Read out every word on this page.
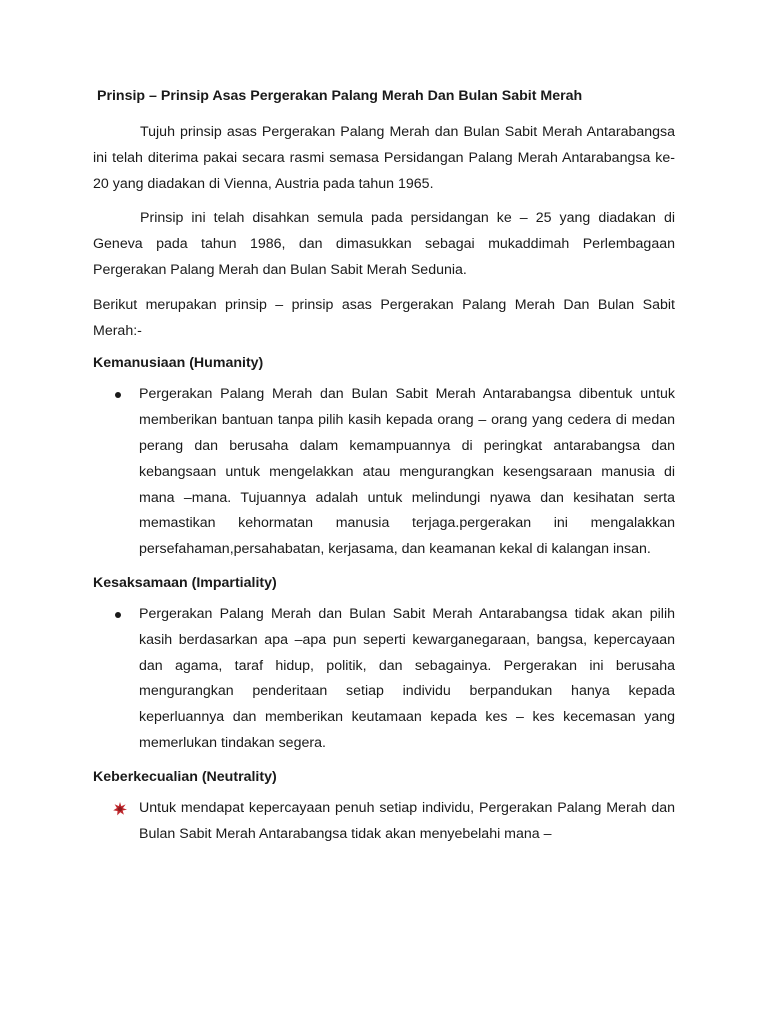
Prinsip – Prinsip Asas Pergerakan Palang Merah Dan Bulan Sabit Merah

Tujuh prinsip asas Pergerakan Palang Merah dan Bulan Sabit Merah Antarabangsa ini telah diterima pakai secara rasmi semasa Persidangan Palang Merah Antarabangsa ke- 20 yang diadakan di Vienna, Austria pada tahun 1965.

Prinsip ini telah disahkan semula pada persidangan ke – 25 yang diadakan di Geneva pada tahun 1986, dan dimasukkan sebagai mukaddimah Perlembagaan Pergerakan Palang Merah dan Bulan Sabit Merah Sedunia.

Berikut merupakan prinsip – prinsip asas Pergerakan Palang Merah Dan Bulan Sabit Merah:-

Kemanusiaan (Humanity)

Pergerakan Palang Merah dan Bulan Sabit Merah Antarabangsa dibentuk untuk memberikan bantuan tanpa pilih kasih kepada orang – orang yang cedera di medan perang dan berusaha dalam kemampuannya di peringkat antarabangsa dan kebangsaan untuk mengelakkan atau mengurangkan kesengsaraan manusia di mana –mana. Tujuannya adalah untuk melindungi nyawa dan kesihatan serta memastikan kehormatan manusia terjaga.pergerakan ini mengalakkan persefahaman,persahabatan, kerjasama, dan keamanan kekal di kalangan insan.

Kesaksamaan (Impartiality)

Pergerakan Palang Merah dan Bulan Sabit Merah Antarabangsa tidak akan pilih kasih berdasarkan apa –apa pun seperti kewarganegaraan, bangsa, kepercayaan dan agama, taraf hidup, politik, dan sebagainya. Pergerakan ini berusaha mengurangkan penderitaan setiap individu berpandukan hanya kepada keperluannya dan memberikan keutamaan kepada kes – kes kecemasan yang memerlukan tindakan segera.

Keberkecualian (Neutrality)

Untuk mendapat kepercayaan penuh setiap individu, Pergerakan Palang Merah dan Bulan Sabit Merah Antarabangsa tidak akan menyebelahi mana –
